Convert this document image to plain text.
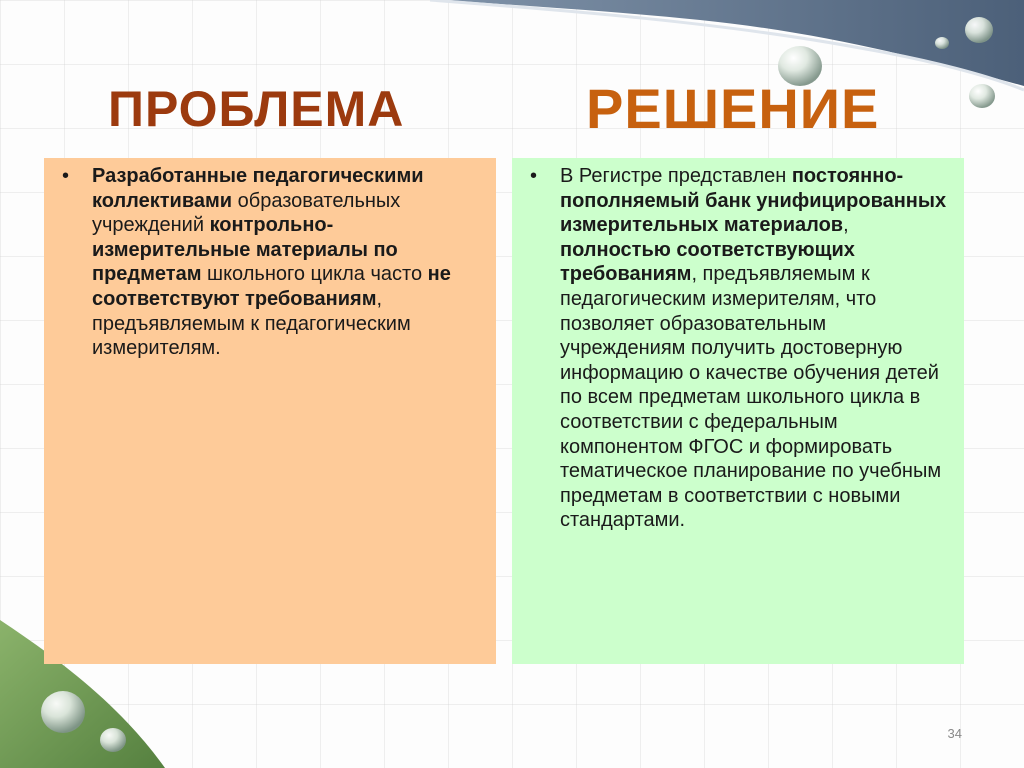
ПРОБЛЕМА	РЕШЕНИЕ
•	Разработанные педагогическими коллективами образовательных учреждений контрольно-измерительные материалы по предметам школьного цикла часто не соответствуют требованиям, предъявляемым к педагогическим измерителям.
•	В Регистре представлен постоянно-пополняемый банк унифицированных измерительных материалов, полностью соответствующих требованиям, предъявляемым к педагогическим измерителям, что позволяет образовательным учреждениям получить достоверную информацию о качестве обучения детей по всем предметам школьного цикла в соответствии с федеральным компонентом ФГОС и формировать тематическое планирование по учебным предметам в соответствии с новыми стандартами.
34
